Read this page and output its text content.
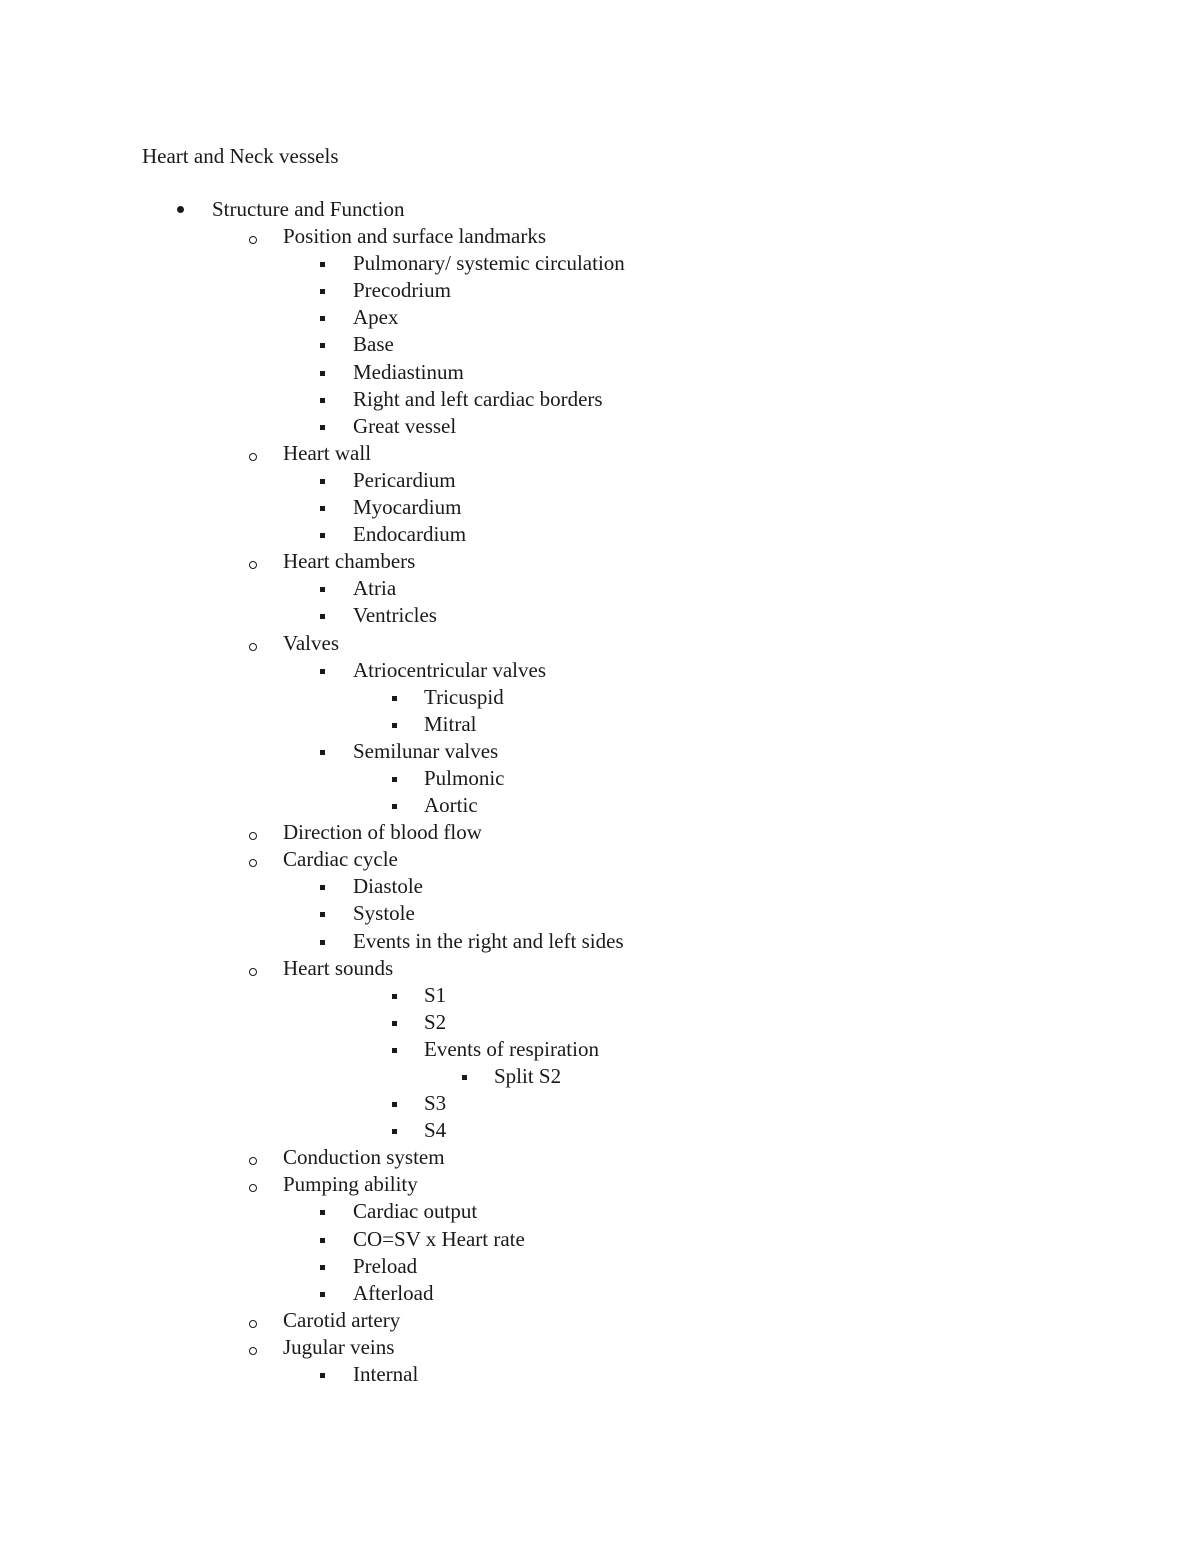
Heart and Neck vessels
Structure and Function
Position and surface landmarks
Pulmonary/ systemic circulation
Precodrium
Apex
Base
Mediastinum
Right and left cardiac borders
Great vessel
Heart wall
Pericardium
Myocardium
Endocardium
Heart chambers
Atria
Ventricles
Valves
Atriocentricular valves
Tricuspid
Mitral
Semilunar valves
Pulmonic
Aortic
Direction of blood flow
Cardiac cycle
Diastole
Systole
Events in the right and left sides
Heart sounds
S1
S2
Events of respiration
Split S2
S3
S4
Conduction system
Pumping ability
Cardiac output
CO=SV x Heart rate
Preload
Afterload
Carotid artery
Jugular veins
Internal
